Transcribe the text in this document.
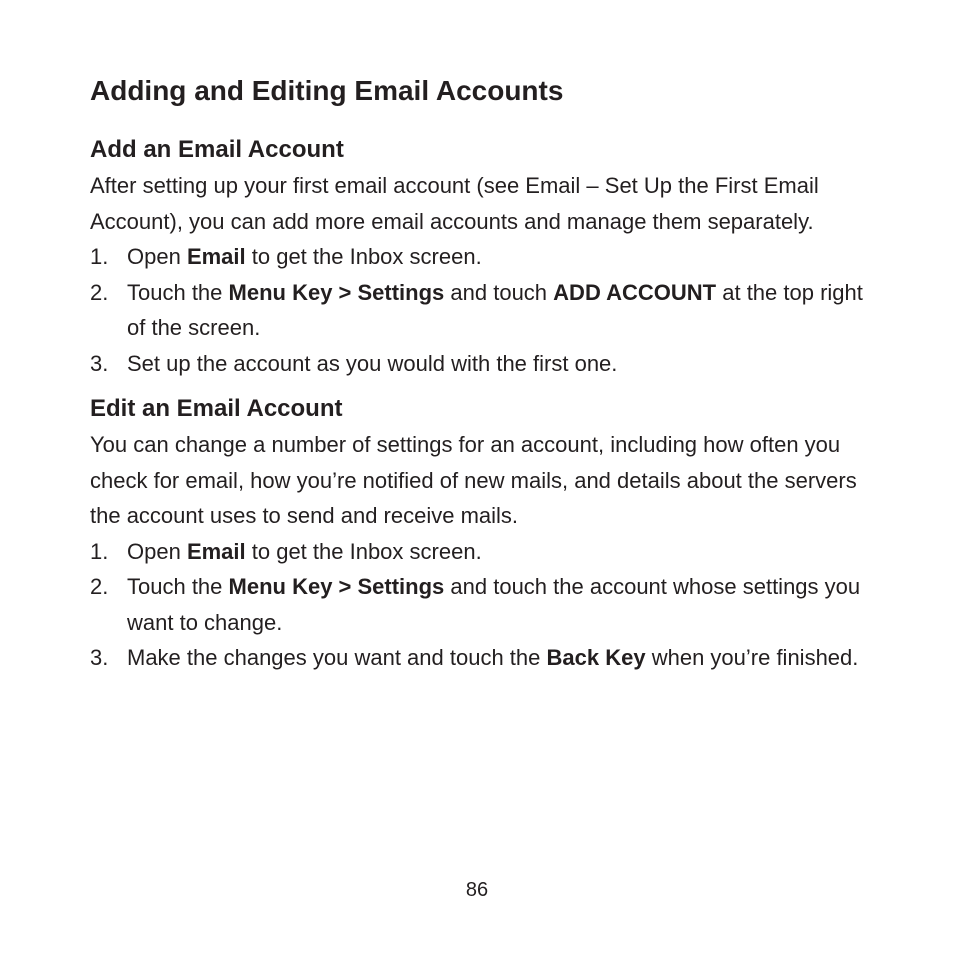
Adding and Editing Email Accounts
Add an Email Account

After setting up your first email account (see Email – Set Up the First Email Account), you can add more email accounts and manage them separately.

1. Open Email to get the Inbox screen.
2. Touch the Menu Key > Settings and touch ADD ACCOUNT at the top right of the screen.
3. Set up the account as you would with the first one.
Edit an Email Account

You can change a number of settings for an account, including how often you check for email, how you’re notified of new mails, and details about the servers the account uses to send and receive mails.

1. Open Email to get the Inbox screen.
2. Touch the Menu Key > Settings and touch the account whose settings you want to change.
3. Make the changes you want and touch the Back Key when you’re finished.
86
